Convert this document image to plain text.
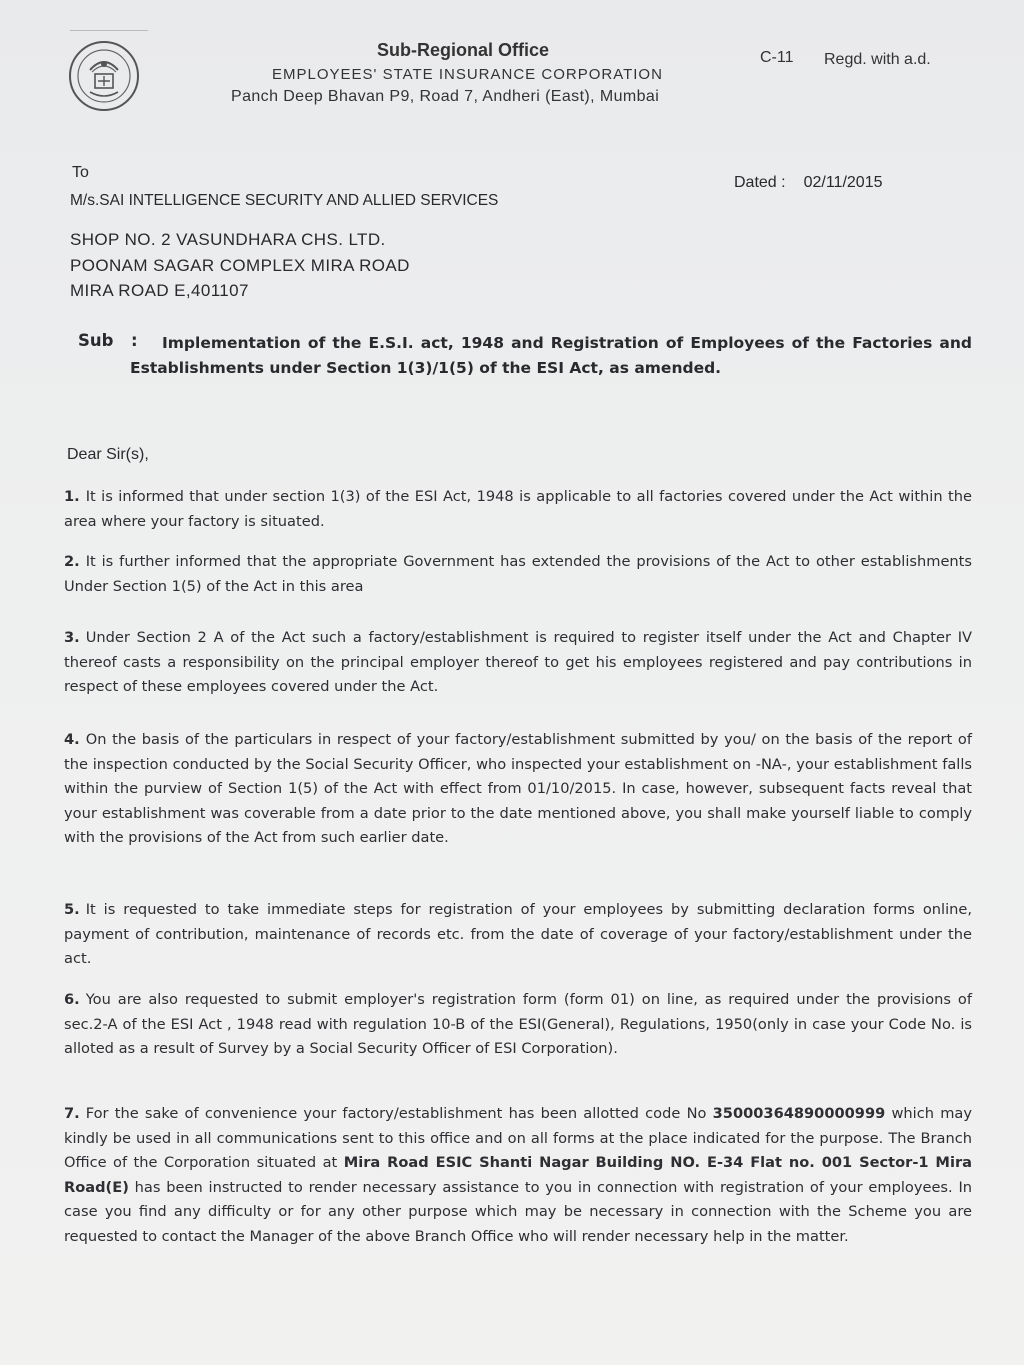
Sub-Regional Office
EMPLOYEES' STATE INSURANCE CORPORATION
Panch Deep Bhavan P9, Road 7, Andheri (East), Mumbai
C-11 Regd. with a.d.
To
Dated : 02/11/2015
M/s.SAI INTELLIGENCE SECURITY AND ALLIED SERVICES
SHOP NO. 2 VASUNDHARA CHS. LTD.
POONAM SAGAR COMPLEX MIRA ROAD
MIRA ROAD E,401107
Sub :	Implementation of the E.S.I. act, 1948 and Registration of Employees of the Factories and Establishments under Section 1(3)/1(5) of the ESI Act, as amended.
Dear Sir(s),
1. It is informed that under section 1(3) of the ESI Act, 1948 is applicable to all factories covered under the Act within the area where your factory is situated.
2. It is further informed that the appropriate Government has extended the provisions of the Act to other establishments Under Section 1(5) of the Act in this area
3. Under Section 2 A of the Act such a factory/establishment is required to register itself under the Act and Chapter IV thereof casts a responsibility on the principal employer thereof to get his employees registered and pay contributions in respect of these employees covered under the Act.
4. On the basis of the particulars in respect of your factory/establishment submitted by you/ on the basis of the report of the inspection conducted by the Social Security Officer, who inspected your establishment on -NA-, your establishment falls within the purview of Section 1(5) of the Act with effect from 01/10/2015. In case, however, subsequent facts reveal that your establishment was coverable from a date prior to the date mentioned above, you shall make yourself liable to comply with the provisions of the Act from such earlier date.
5. It is requested to take immediate steps for registration of your employees by submitting declaration forms online, payment of contribution, maintenance of records etc. from the date of coverage of your factory/establishment under the act.
6. You are also requested to submit employer's registration form (form 01) on line, as required under the provisions of sec.2-A of the ESI Act , 1948 read with regulation 10-B of the ESI(General), Regulations, 1950(only in case your Code No. is alloted as a result of Survey by a Social Security Officer of ESI Corporation).
7. For the sake of convenience your factory/establishment has been allotted code No 35000364890000999 which may kindly be used in all communications sent to this office and on all forms at the place indicated for the purpose. The Branch Office of the Corporation situated at Mira Road ESIC Shanti Nagar Building NO. E-34 Flat no. 001 Sector-1 Mira Road(E) has been instructed to render necessary assistance to you in connection with registration of your employees. In case you find any difficulty or for any other purpose which may be necessary in connection with the Scheme you are requested to contact the Manager of the above Branch Office who will render necessary help in the matter.
